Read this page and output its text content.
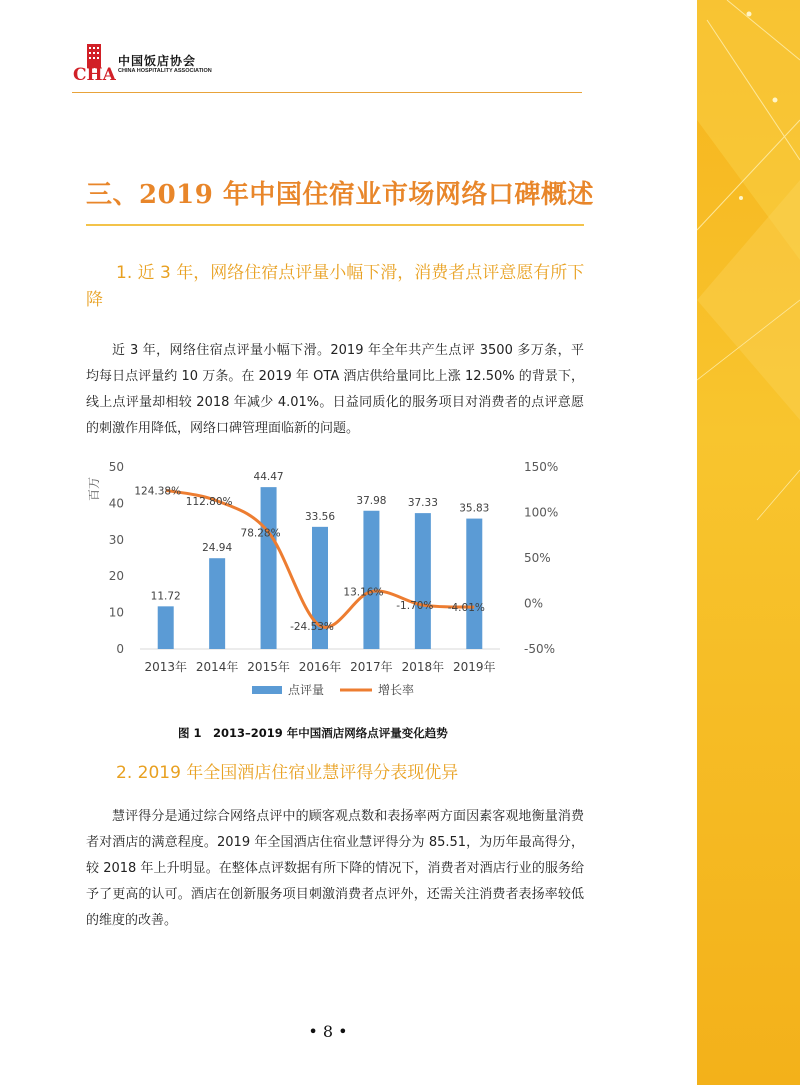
CHA
中国饭店协会
CHINA HOSPITALITY ASSOCIATION
三、2019 年中国住宿业市场网络口碑概述
1. 近 3 年，网络住宿点评量小幅下滑，消费者点评意愿有所下降
近 3 年，网络住宿点评量小幅下滑。2019 年全年共产生点评 3500 多万条，平均每日点评量约 10 万条。在 2019 年 OTA 酒店供给量同比上涨 12.50% 的背景下，线上点评量却相较 2018 年减少 4.01%。日益同质化的服务项目对消费者的点评意愿的刺激作用降低，网络口碑管理面临新的问题。
0
10
20
30
40
50
-50%
0%
50%
100%
150%
百万
11.72
24.94
44.47
33.56
37.98 37.33 35.83
124.38%
112.80%
78.28%
-24.53%
13.16%
-1.70% -4.01%
2013年 2014年 2015年 2016年 2017年 2018年 2019年
点评量	增长率
图 1　2013–2019 年中国酒店网络点评量变化趋势
2. 2019 年全国酒店住宿业慧评得分表现优异
慧评得分是通过综合网络点评中的顾客观点数和表扬率两方面因素客观地衡量消费者对酒店的满意程度。2019 年全国酒店住宿业慧评得分为 85.51，为历年最高得分，较 2018 年上升明显。在整体点评数据有所下降的情况下，消费者对酒店行业的服务给予了更高的认可。酒店在创新服务项目刺激消费者点评外，还需关注消费者表扬率较低的维度的改善。
• 8 •
